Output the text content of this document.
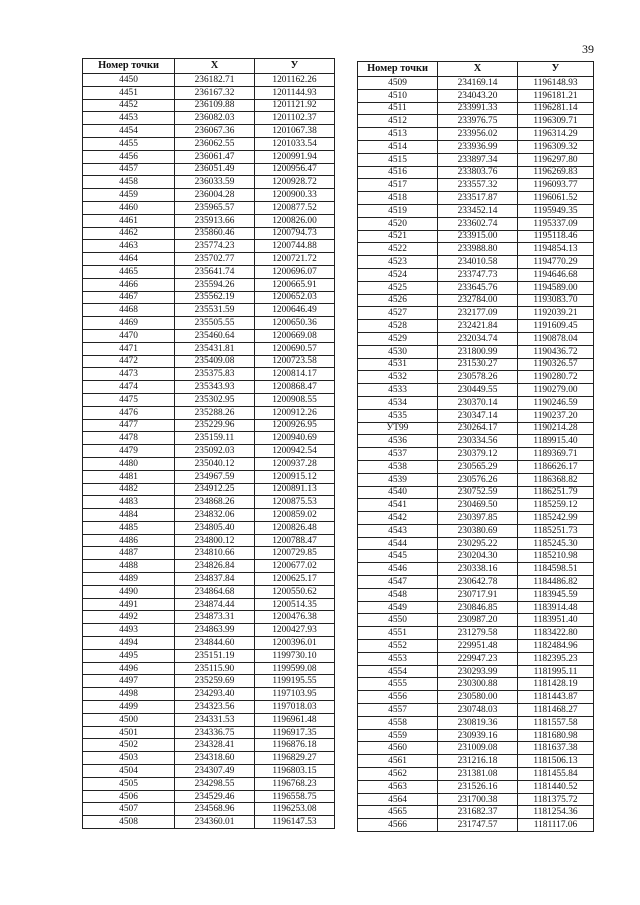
39
Номер точки	X	У
4450	236182.71	1201162.26
4451	236167.32	1201144.93
4452	236109.88	1201121.92
4453	236082.03	1201102.37
4454	236067.36	1201067.38
4455	236062.55	1201033.54
4456	236061.47	1200991.94
4457	236051.49	1200956.47
4458	236033.59	1200928.72
4459	236004.28	1200900.33
4460	235965.57	1200877.52
4461	235913.66	1200826.00
4462	235860.46	1200794.73
4463	235774.23	1200744.88
4464	235702.77	1200721.72
4465	235641.74	1200696.07
4466	235594.26	1200665.91
4467	235562.19	1200652.03
4468	235531.59	1200646.49
4469	235505.55	1200650.36
4470	235460.64	1200669.08
4471	235431.81	1200690.57
4472	235409.08	1200723.58
4473	235375.83	1200814.17
4474	235343.93	1200868.47
4475	235302.95	1200908.55
4476	235288.26	1200912.26
4477	235229.96	1200926.95
4478	235159.11	1200940.69
4479	235092.03	1200942.54
4480	235040.12	1200937.28
4481	234967.59	1200915.12
4482	234912.25	1200891.13
4483	234868.26	1200875.53
4484	234832.06	1200859.02
4485	234805.40	1200826.48
4486	234800.12	1200788.47
4487	234810.66	1200729.85
4488	234826.84	1200677.02
4489	234837.84	1200625.17
4490	234864.68	1200550.62
4491	234874.44	1200514.35
4492	234873.31	1200476.38
4493	234863.99	1200427.93
4494	234844.60	1200396.01
4495	235151.19	1199730.10
4496	235115.90	1199599.08
4497	235259.69	1199195.55
4498	234293.40	1197103.95
4499	234323.56	1197018.03
4500	234331.53	1196961.48
4501	234336.75	1196917.35
4502	234328.41	1196876.18
4503	234318.60	1196829.27
4504	234307.49	1196803.15
4505	234298.55	1196768.23
4506	234529.46	1196558.75
4507	234568.96	1196253.08
4508	234360.01	1196147.53
Номер точки	X	У
4509	234169.14	1196148.93
4510	234043.20	1196181.21
4511	233991.33	1196281.14
4512	233976.75	1196309.71
4513	233956.02	1196314.29
4514	233936.99	1196309.32
4515	233897.34	1196297.80
4516	233803.76	1196269.83
4517	233557.32	1196093.77
4518	233517.87	1196061.52
4519	233452.14	1195949.35
4520	233602.74	1195337.09
4521	233915.00	1195118.46
4522	233988.80	1194854.13
4523	234010.58	1194770.29
4524	233747.73	1194646.68
4525	233645.76	1194589.00
4526	232784.00	1193083.70
4527	232177.09	1192039.21
4528	232421.84	1191609.45
4529	232034.74	1190878.04
4530	231800.99	1190436.72
4531	231530.27	1190326.57
4532	230578.26	1190280.72
4533	230449.55	1190279.00
4534	230370.14	1190246.59
4535	230347.14	1190237.20
УТ99	230264.17	1190214.28
4536	230334.56	1189915.40
4537	230379.12	1189369.71
4538	230565.29	1186626.17
4539	230576.26	1186368.82
4540	230752.59	1186251.79
4541	230469.50	1185259.12
4542	230397.85	1185242.99
4543	230380.69	1185251.73
4544	230295.22	1185245.30
4545	230204.30	1185210.98
4546	230338.16	1184598.51
4547	230642.78	1184486.82
4548	230717.91	1183945.59
4549	230846.85	1183914.48
4550	230987.20	1183951.40
4551	231279.58	1183422.80
4552	229951.48	1182484.96
4553	229947.23	1182395.23
4554	230293.99	1181995.11
4555	230300.88	1181428.19
4556	230580.00	1181443.87
4557	230748.03	1181468.27
4558	230819.36	1181557.58
4559	230939.16	1181680.98
4560	231009.08	1181637.38
4561	231216.18	1181506.13
4562	231381.08	1181455.84
4563	231526.16	1181440.52
4564	231700.38	1181375.72
4565	231682.37	1181254.36
4566	231747.57	1181117.06
